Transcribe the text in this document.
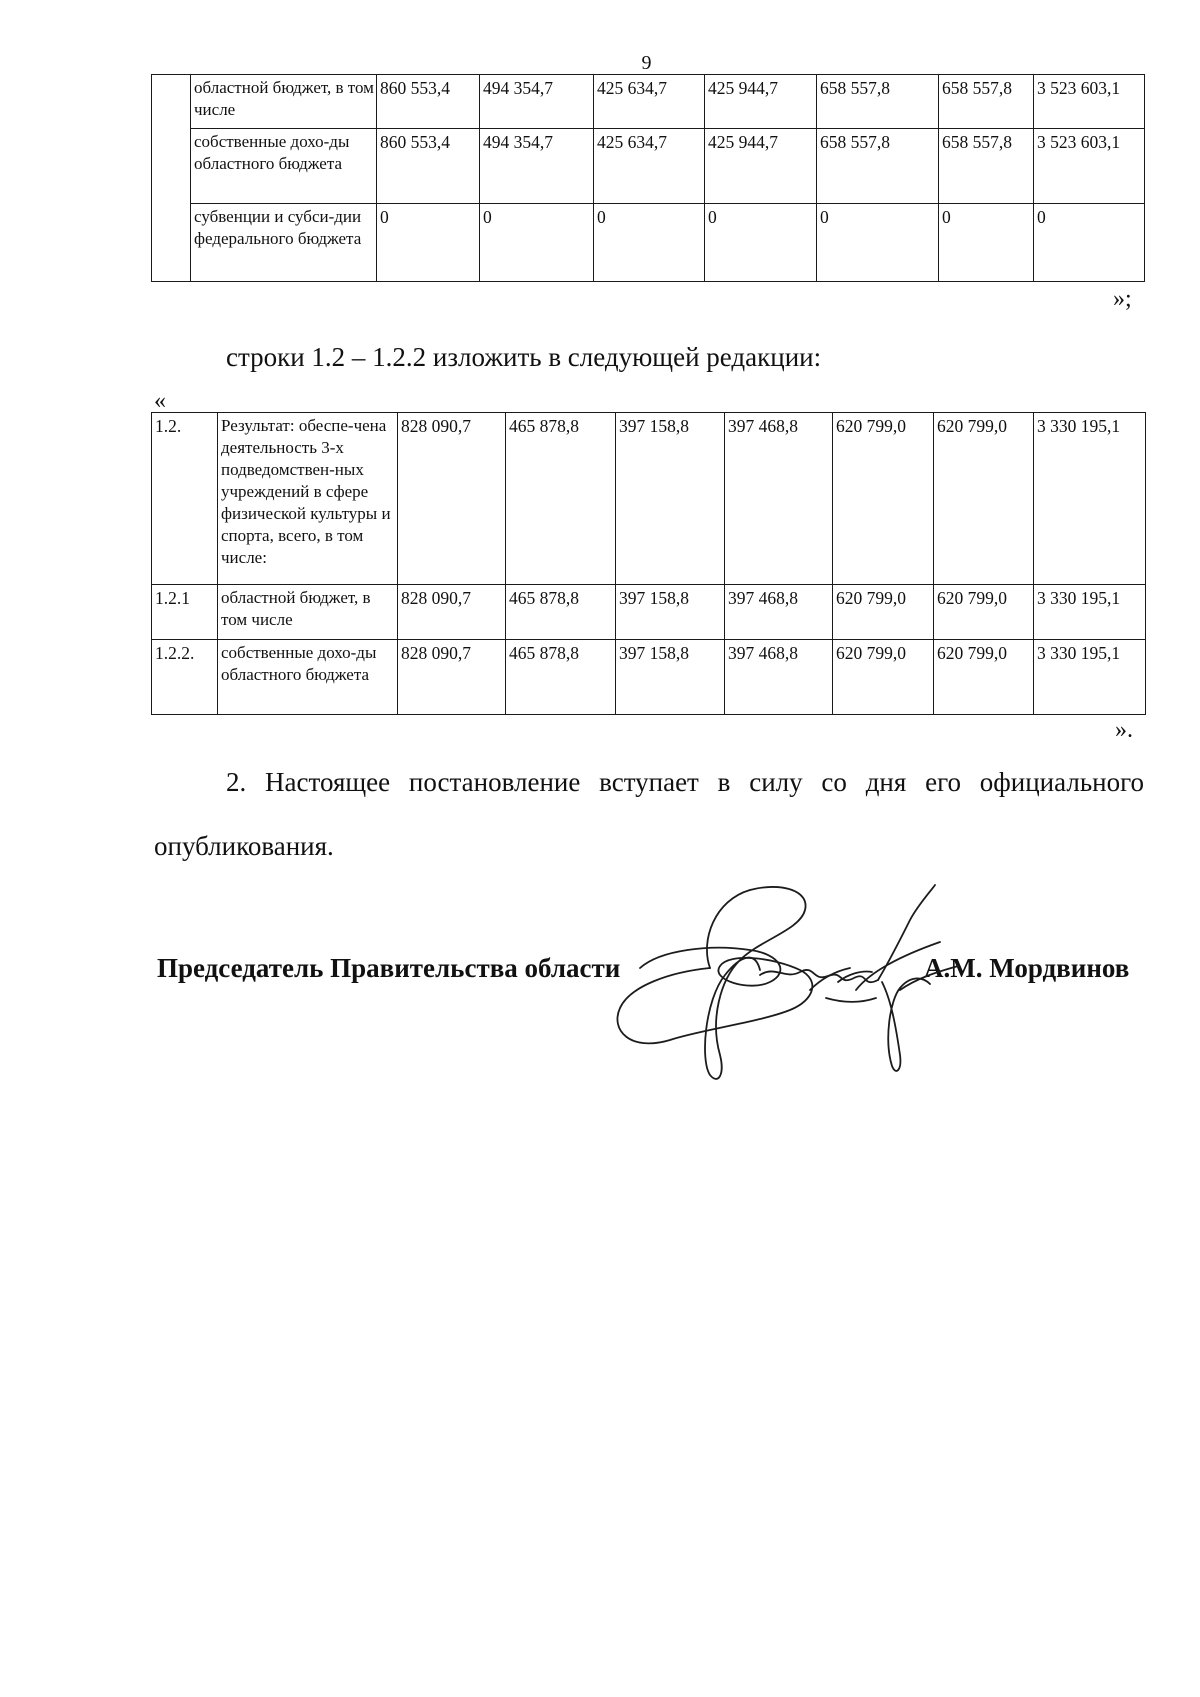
9
	областной бюджет, в том числе	860 553,4	494 354,7	425 634,7	425 944,7	658 557,8	658 557,8	3 523 603,1
	собственные дохо-ды областного бюджета	860 553,4	494 354,7	425 634,7	425 944,7	658 557,8	658 557,8	3 523 603,1
	субвенции и субси-дии федерального бюджета	0	0	0	0	0	0	0
»;
строки 1.2 – 1.2.2 изложить в следующей редакции:
«
1.2.	Результат: обеспе-чена деятельность 3-х подведомствен-ных учреждений в сфере физической культуры и спорта, всего, в том числе:	828 090,7	465 878,8	397 158,8	397 468,8	620 799,0	620 799,0	3 330 195,1
1.2.1	областной бюджет, в том числе	828 090,7	465 878,8	397 158,8	397 468,8	620 799,0	620 799,0	3 330 195,1
1.2.2.	собственные дохо-ды областного бюджета	828 090,7	465 878,8	397 158,8	397 468,8	620 799,0	620 799,0	3 330 195,1
».
2. Настоящее постановление вступает в силу со дня его официального
опубликования.
Председатель Правительства области	А.М. Мордвинов
